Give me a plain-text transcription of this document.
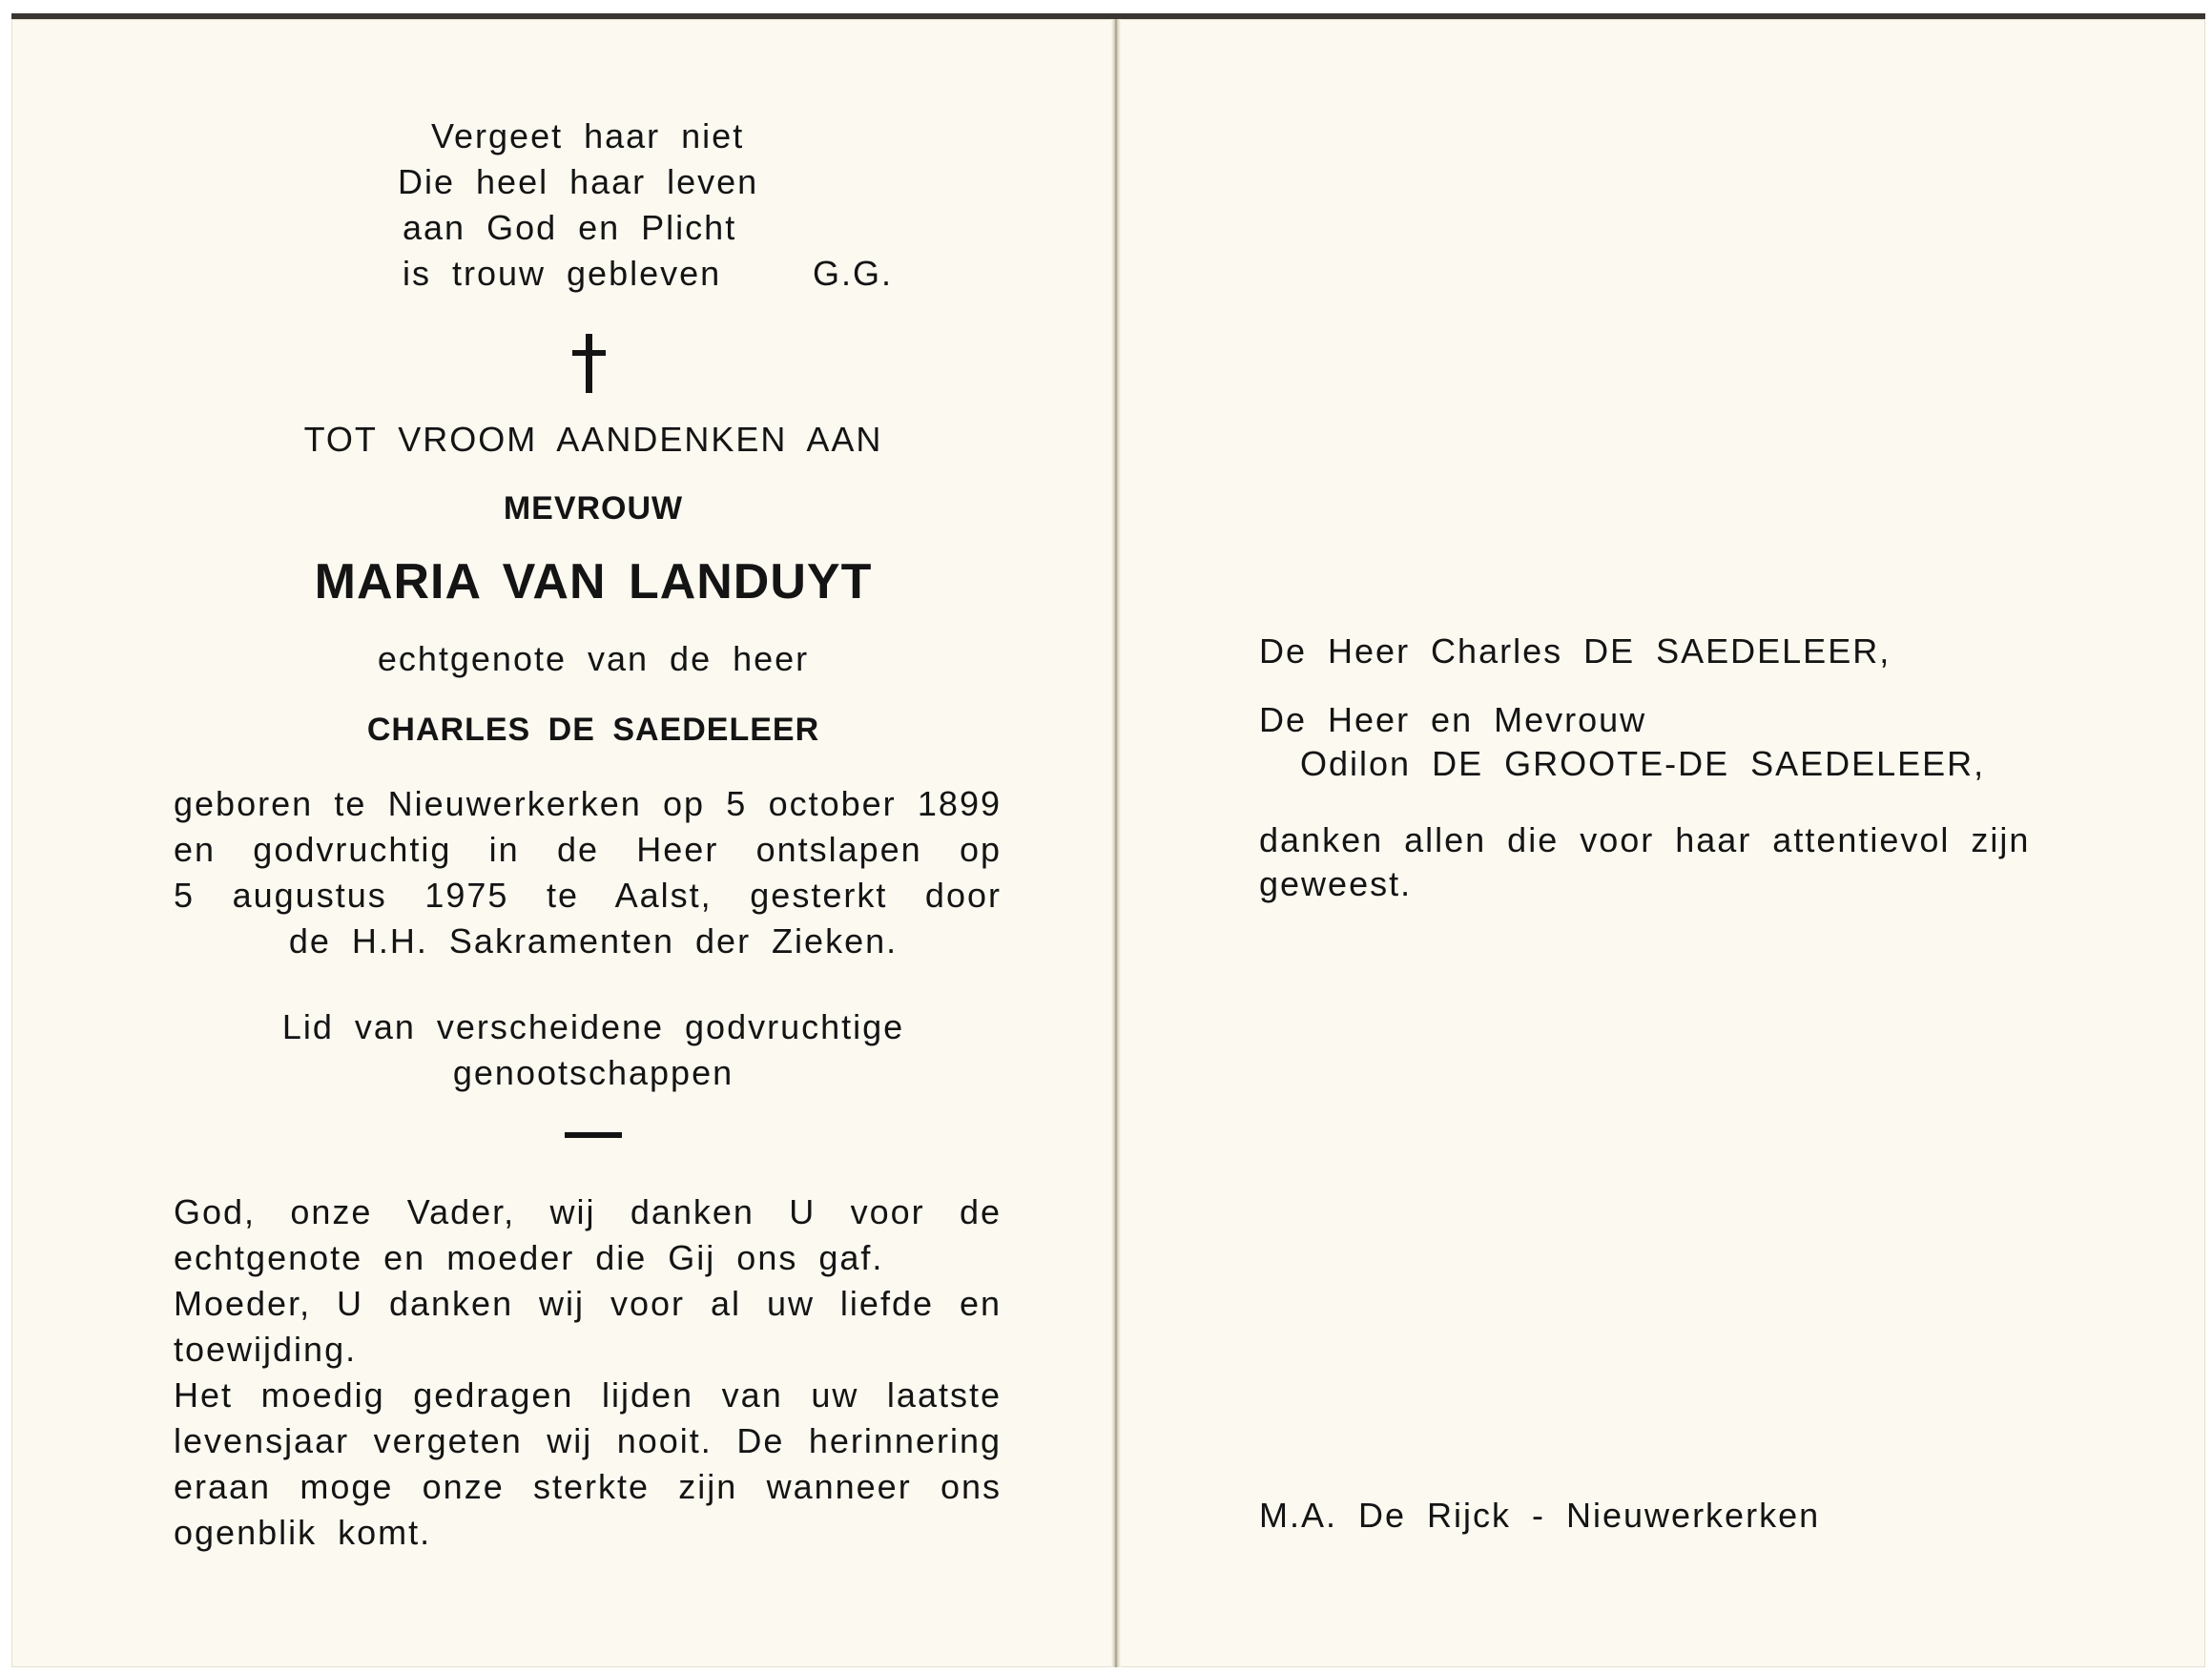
Vergeet haar niet

Die heel haar leven

aan God en Plicht

is trouw gebleven	G.G.

TOT VROOM AANDENKEN AAN

MEVROUW

MARIA VAN LANDUYT

echtgenote van de heer

CHARLES DE SAEDELEER

geboren te Nieuwerkerken op 5 october 1899

en godvruchtig in de Heer ontslapen op

5 augustus 1975 te Aalst, gesterkt door

de H.H. Sakramenten der Zieken.

Lid van verscheidene godvruchtige

genootschappen

God, onze Vader, wij danken U voor de

echtgenote en moeder die Gij ons gaf.

Moeder, U danken wij voor al uw liefde en

toewijding.

Het moedig gedragen lijden van uw laatste

levensjaar vergeten wij nooit. De herinnering

eraan moge onze sterkte zijn wanneer ons

ogenblik komt.

De Heer Charles DE SAEDELEER,

De Heer en Mevrouw

Odilon DE GROOTE-DE SAEDELEER,

danken allen die voor haar attentievol zijn

geweest.

M.A. De Rijck - Nieuwerkerken
